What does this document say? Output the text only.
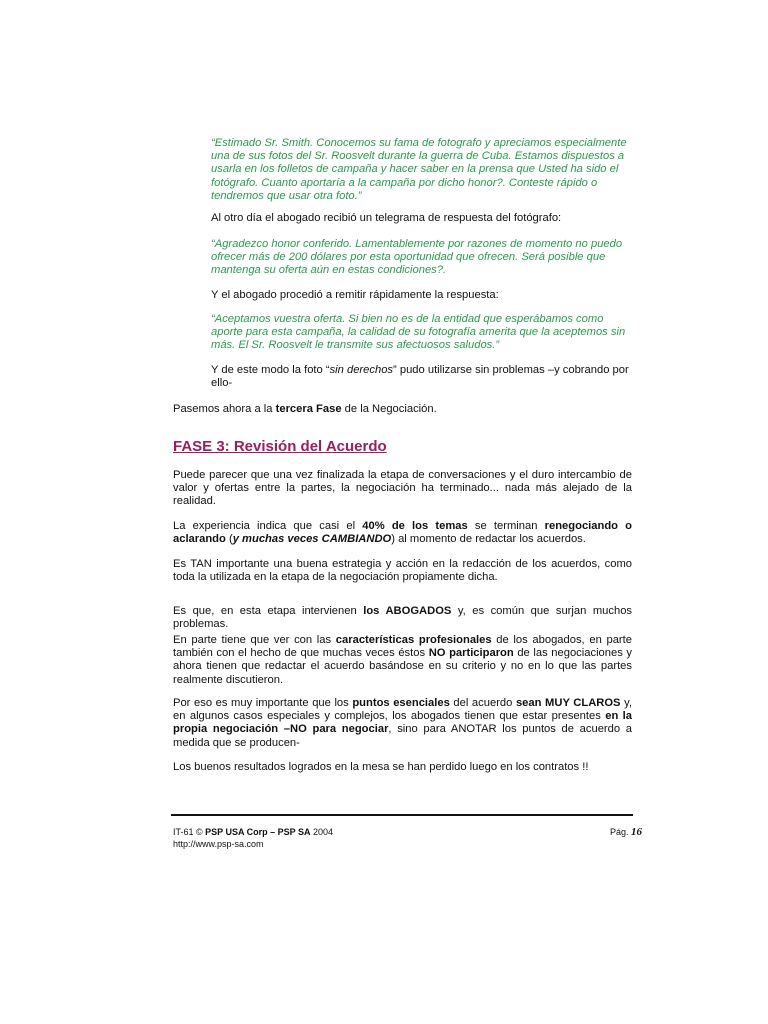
“Estimado Sr. Smith. Conocemos su fama de fotografo y apreciamos especialmente una de sus fotos del Sr. Roosvelt durante la guerra de Cuba. Estamos dispuestos a usarla en los folletos de campaña y hacer saber en la prensa que Usted ha sido el fotógrafo. Cuanto aportaría a la campaña por dicho honor?. Conteste rápido o tendremos que usar otra foto.”

Al otro día el abogado recibió un telegrama de respuesta del fotógrafo:

“Agradezco honor conferido. Lamentablemente por razones de momento no puedo ofrecer más de 200 dólares por esta oportunidad que ofrecen. Será posible que mantenga su oferta aún en estas condiciones?.

Y el abogado procedió a remitir rápidamente la respuesta:

“Aceptamos vuestra oferta. Si bien no es de la entidad que esperábamos como aporte para esta campaña, la calidad de su fotografía amerita que la aceptemos sin más. El Sr. Roosvelt le transmite sus afectuosos saludos.”

Y de este modo la foto “sin derechos” pudo utilizarse sin problemas –y cobrando por ello-

Pasemos ahora a la tercera Fase de la Negociación.

FASE 3: Revisión del Acuerdo

Puede parecer que una vez finalizada la etapa de conversaciones y el duro intercambio de valor y ofertas entre la partes, la negociación ha terminado... nada más alejado de la realidad.

La experiencia indica que casi el 40% de los temas se terminan renegociando o aclarando (y muchas veces CAMBIANDO) al momento de redactar los acuerdos.

Es TAN importante una buena estrategia y acción en la redacción de los acuerdos, como toda la utilizada en la etapa de la negociación propiamente dicha.

Es que, en esta etapa intervienen los ABOGADOS y, es común que surjan muchos problemas.

En parte tiene que ver con las características profesionales de los abogados, en parte también con el hecho de que muchas veces éstos NO participaron de las negociaciones y ahora tienen que redactar el acuerdo basándose en su criterio y no en lo que las partes realmente discutieron.

Por eso es muy importante que los puntos esenciales del acuerdo sean MUY CLAROS y, en algunos casos especiales y complejos, los abogados tienen que estar presentes en la propia negociación –NO para negociar, sino para ANOTAR los puntos de acuerdo a medida que se producen-

Los buenos resultados logrados en la mesa se han perdido luego en los contratos !!

IT-61 © PSP USA Corp – PSP SA 2004
http://www.psp-sa.com
Pág. 16
